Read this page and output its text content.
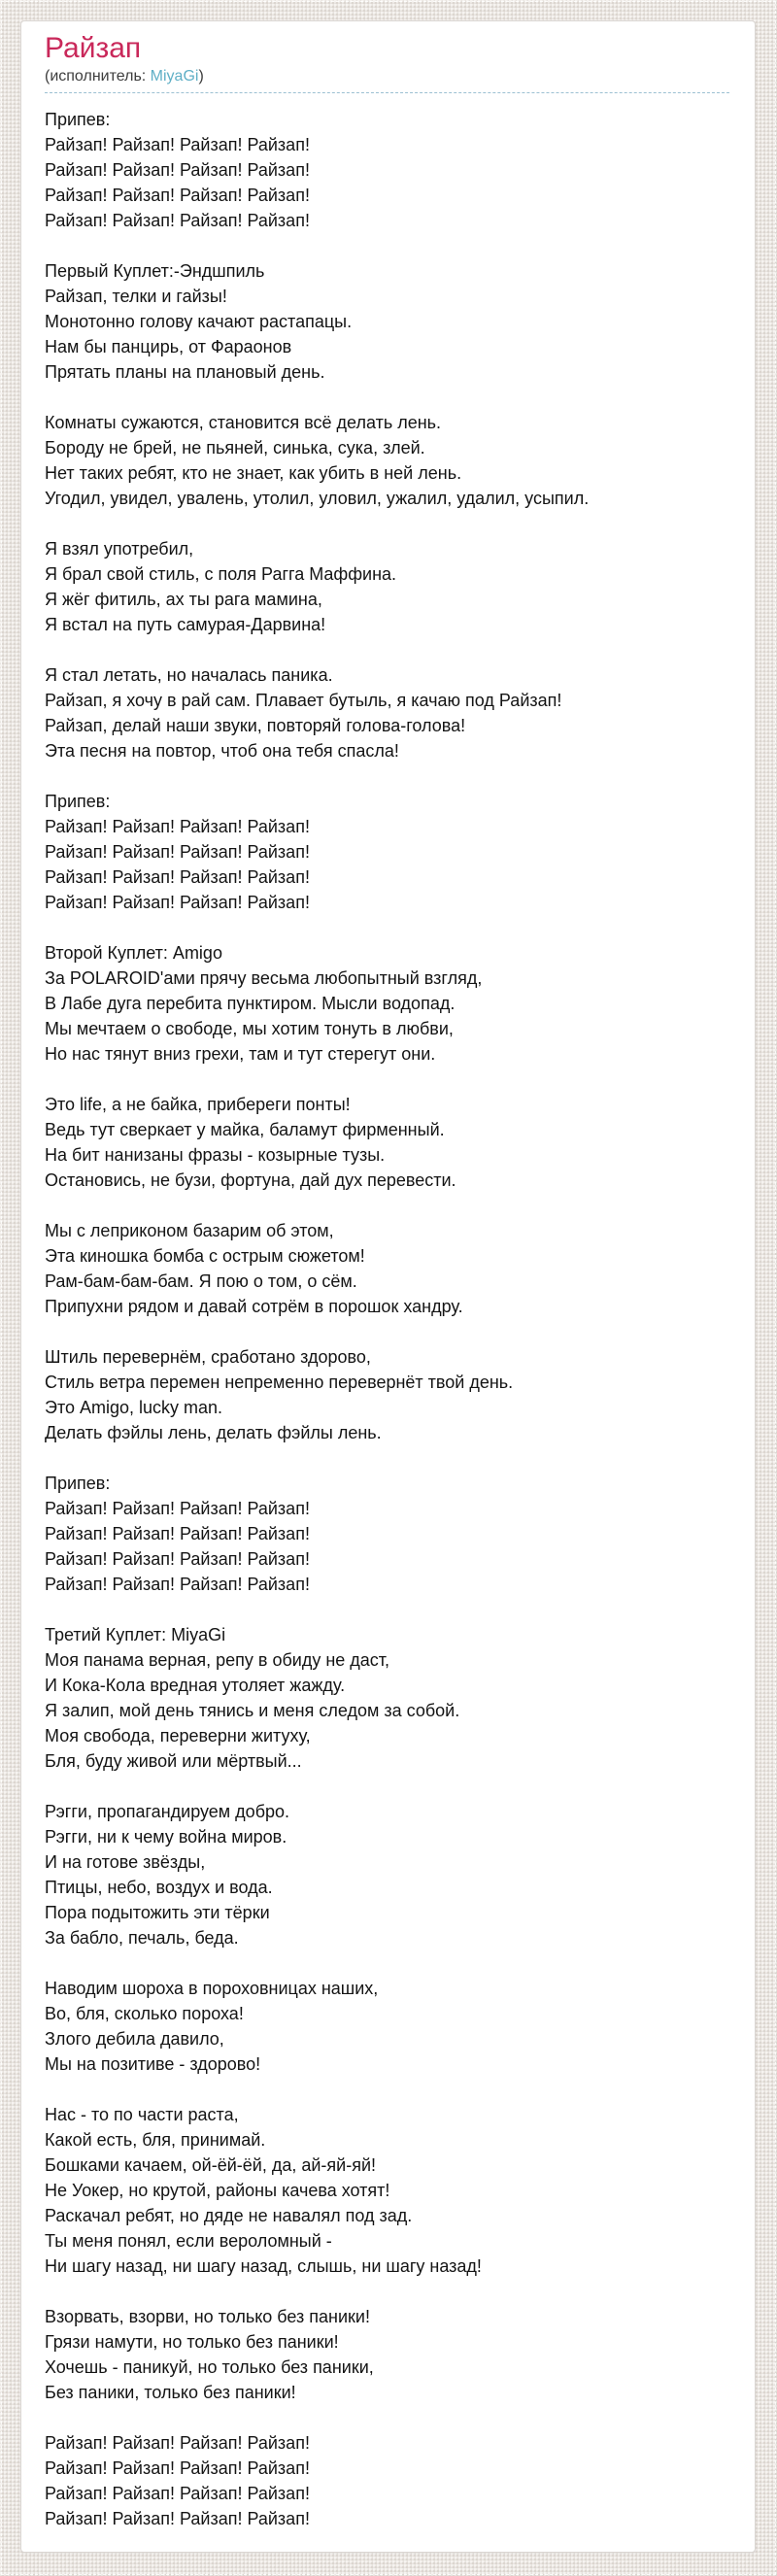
Райзап
(исполнитель: MiyaGi)
Припев:
Райзап! Райзап! Райзап! Райзап!
Райзап! Райзап! Райзап! Райзап!
Райзап! Райзап! Райзап! Райзап!
Райзап! Райзап! Райзап! Райзап!
Первый Куплет:-Эндшпиль
Райзап, телки и гайзы!
Монотонно голову качают растапацы.
Нам бы панцирь, от Фараонов
Прятать планы на плановый день.
Комнаты сужаются, становится всё делать лень.
Бороду не брей, не пьяней, синька, сука, злей.
Нет таких ребят, кто не знает, как убить в ней лень.
Угодил, увидел, увалень, утолил, уловил, ужалил, удалил, усыпил.
Я взял употребил,
Я брал свой стиль, с поля Рагга Маффина.
Я жёг фитиль, ах ты рага мамина,
Я встал на путь самурая-Дарвина!
Я стал летать, но началась паника.
Райзап, я хочу в рай сам. Плавает бутыль, я качаю под Райзап!
Райзап, делай наши звуки, повторяй голова-голова!
Эта песня на повтор, чтоб она тебя спасла!
Припев:
Райзап! Райзап! Райзап! Райзап!
Райзап! Райзап! Райзап! Райзап!
Райзап! Райзап! Райзап! Райзап!
Райзап! Райзап! Райзап! Райзап!
Второй Куплет: Amigo
За POLAROID'ами прячу весьма любопытный взгляд,
В Лабе дуга перебита пунктиром. Мысли водопад.
Мы мечтаем о свободе, мы хотим тонуть в любви,
Но нас тянут вниз грехи, там и тут стерегут они.
Это life, а не байка, прибереги понты!
Ведь тут сверкает у майка, баламут фирменный.
На бит нанизаны фразы - козырные тузы.
Остановись, не бузи, фортуна, дай дух перевести.
Мы с леприконом базарим об этом,
Эта киношка бомба с острым сюжетом!
Рам-бам-бам-бам. Я пою о том, о сём.
Припухни рядом и давай сотрём в порошок хандру.
Штиль перевернём, сработано здорово,
Стиль ветра перемен непременно перевернёт твой день.
Это Amigo, lucky man.
Делать фэйлы лень, делать фэйлы лень.
Припев:
Райзап! Райзап! Райзап! Райзап!
Райзап! Райзап! Райзап! Райзап!
Райзап! Райзап! Райзап! Райзап!
Райзап! Райзап! Райзап! Райзап!
Третий Куплет: MiyaGi
Моя панама верная, репу в обиду не даст,
И Кока-Кола вредная утоляет жажду.
Я залип, мой день тянись и меня следом за собой.
Моя свобода, переверни житуху,
Бля, буду живой или мёртвый...
Рэгги, пропагандируем добро.
Рэгги, ни к чему война миров.
И на готове звёзды,
Птицы, небо, воздух и вода.
Пора подытожить эти тёрки
За бабло, печаль, беда.
Наводим шороха в пороховницах наших,
Во, бля, сколько пороха!
Злого дебила давило,
Мы на позитиве - здорово!
Нас - то по части раста,
Какой есть, бля, принимай.
Бошками качаем, ой-ёй-ёй, да, ай-яй-яй!
Не Уокер, но крутой, районы качева хотят!
Раскачал ребят, но дяде не навалял под зад.
Ты меня понял, если вероломный -
Ни шагу назад, ни шагу назад, слышь, ни шагу назад!
Взорвать, взорви, но только без паники!
Грязи намути, но только без паники!
Хочешь - паникуй, но только без паники,
Без паники, только без паники!
Райзап! Райзап! Райзап! Райзап!
Райзап! Райзап! Райзап! Райзап!
Райзап! Райзап! Райзап! Райзап!
Райзап! Райзап! Райзап! Райзап!
